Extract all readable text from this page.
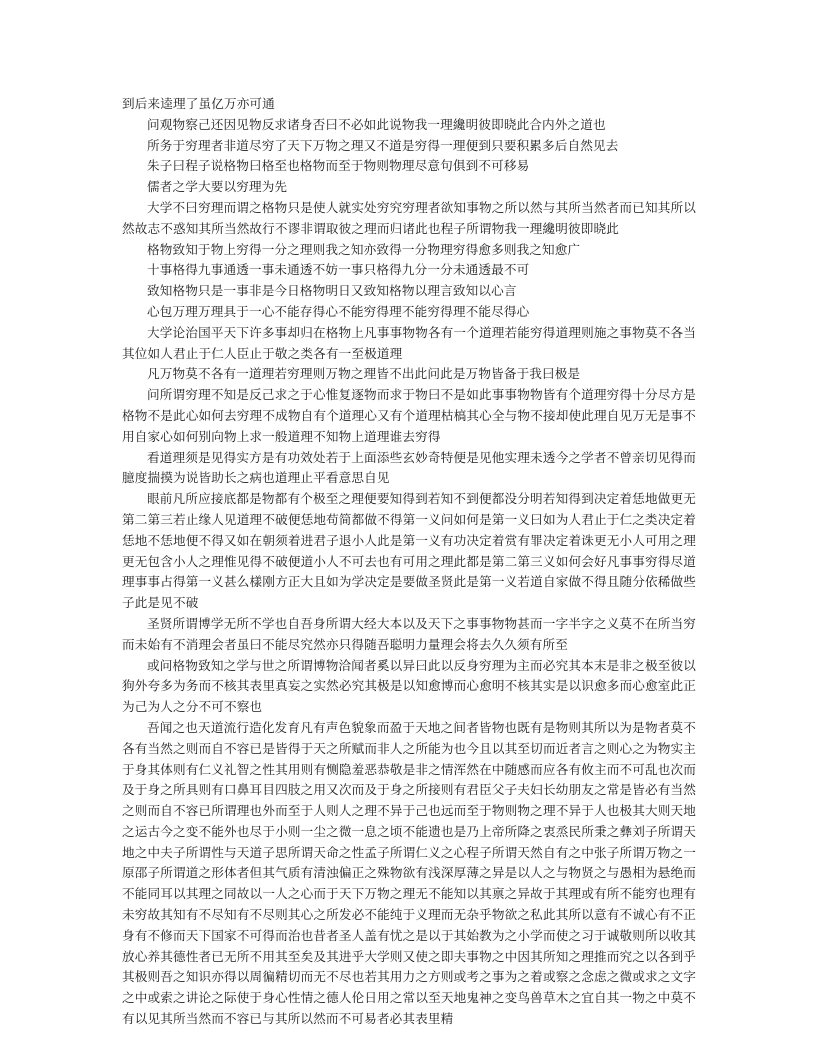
到后来逵理了虽亿万亦可通

问观物察己还因见物反求诸身否曰不必如此说物我一理纔明彼即晓此合内外之道也

所务于穷理者非道尽穷了天下万物之理又不道是穷得一理便到只要积累多后自然见去

朱子曰程子说格物曰格至也格物而至于物则物理尽意句俱到不可移易

儒者之学大要以穷理为先

大学不曰穷理而谓之格物只是使人就实处穷究穷理者欲知事物之所以然与其所当然者而已知其所以然故志不惑知其所当然故行不谬非谓取彼之理而归诸此也程子所谓物我一理纔明彼即晓此

格物致知于物上穷得一分之理则我之知亦致得一分物理穷得愈多则我之知愈广

十事格得九事通透一事未通透不妨一事只格得九分一分未通透最不可

致知格物只是一事非是今日格物明日又致知格物以理言致知以心言

心包万理万理具于一心不能存得心不能穷得理不能穷得理不能尽得心

大学论治国平天下许多事却归在格物上凡事事物物各有一个道理若能穷得道理则施之事物莫不各当其位如人君止于仁人臣止于敬之类各有一至极道理

凡万物莫不各有一道理若穷理则万物之理皆不出此问此是万物皆备于我曰极是

问所谓穷理不知是反己求之于心惟复逐物而求于物曰不是如此事事物物皆有个道理穷得十分尽方是格物不是此心如何去穷理不成物自有个道理心又有个道理枯槁其心全与物不接却使此理自见万无是事不用自家心如何别向物上求一般道理不知物上道理谁去穷得

看道理须是见得实方是有功效处若于上面添些玄妙奇特便是见他实理未透今之学者不曾亲切见得而臆度揣摸为说皆助长之病也道理止平看意思自见

眼前凡所应接底都是物都有个极至之理便要知得到若知不到便都没分明若知得到决定着恁地做更无第二第三若止缘人见道理不破便恁地苟简都做不得第一义问如何是第一义曰如为人君止于仁之类决定着恁地不恁地便不得又如在朝须着进君子退小人此是第一义有功决定着赏有罪决定着诛更无小人可用之理更无包含小人之理惟见得不破便道小人不可去也有可用之理此都是第二第三义如何会好凡事事穷得尽道理事事占得第一义甚么樣刚方正大且如为学决定是要做圣贤此是第一义若道自家做不得且随分依稀做些子此是见不破

圣贤所谓博学无所不学也自吾身所谓大经大本以及天下之事事物物甚而一字半字之义莫不在所当穷而未始有不消理会者虽曰不能尽究然亦只得随吾聪明力量理会将去久久须有所至

或问格物致知之学与世之所谓博物洽闻者奚以异曰此以反身穷理为主而必究其本末是非之极至彼以狗外夸多为务而不核其表里真妄之实然必究其极是以知愈博而心愈明不核其实是以识愈多而心愈室此正为己为人之分不可不察也

吾闻之也天道流行造化发育凡有声色貌象而盈于天地之间者皆物也既有是物则其所以为是物者莫不各有当然之则而自不容已是皆得于天之所赋而非人之所能为也今且以其至切而近者言之则心之为物实主于身其体则有仁义礼智之性其用则有恻隐羞恶恭敬是非之情浑然在中随感而应各有攸主而不可乱也次而及于身之所具则有口鼻耳目四肢之用又次而及于身之所接则有君臣父子夫妇长幼朋友之常是皆必有当然之则而自不容已所谓理也外而至于人则人之理不异于己也远而至于物则物之理不异于人也极其大则天地之运古今之变不能外也尽于小则一尘之微一息之顷不能遗也是乃上帝所降之衷烝民所秉之彝刘子所谓天地之中夫子所谓性与天道子思所谓天命之性孟子所谓仁义之心程子所谓天然自有之中张子所谓万物之一原邵子所谓道之形体者但其气质有清浊偏正之殊物欲有浅深厚薄之异是以人之与物贤之与愚相为悬绝而不能同耳以其理之同故以一人之心而于天下万物之理无不能知以其禀之异故于其理或有所不能穷也理有未穷故其知有不尽知有不尽则其心之所发必不能纯于义理而无杂乎物欲之私此其所以意有不诚心有不正身有不修而天下国家不可得而治也昔者圣人盖有忧之是以于其始教为之小学而使之习于诚敬则所以收其放心养其德性者已无所不用其至矣及其进乎大学则又使之即夫事物之中因其所知之理推而究之以各到乎其极则吾之知识亦得以周徧精切而无不尽也若其用力之方则或考之事为之着或察之念虑之微或求之文字之中或索之讲论之际使于身心性情之德人伦日用之常以至天地鬼神之变鸟兽草木之宜自其一物之中莫不有以见其所当然而不容已与其所以然而不可易者必其表里精
